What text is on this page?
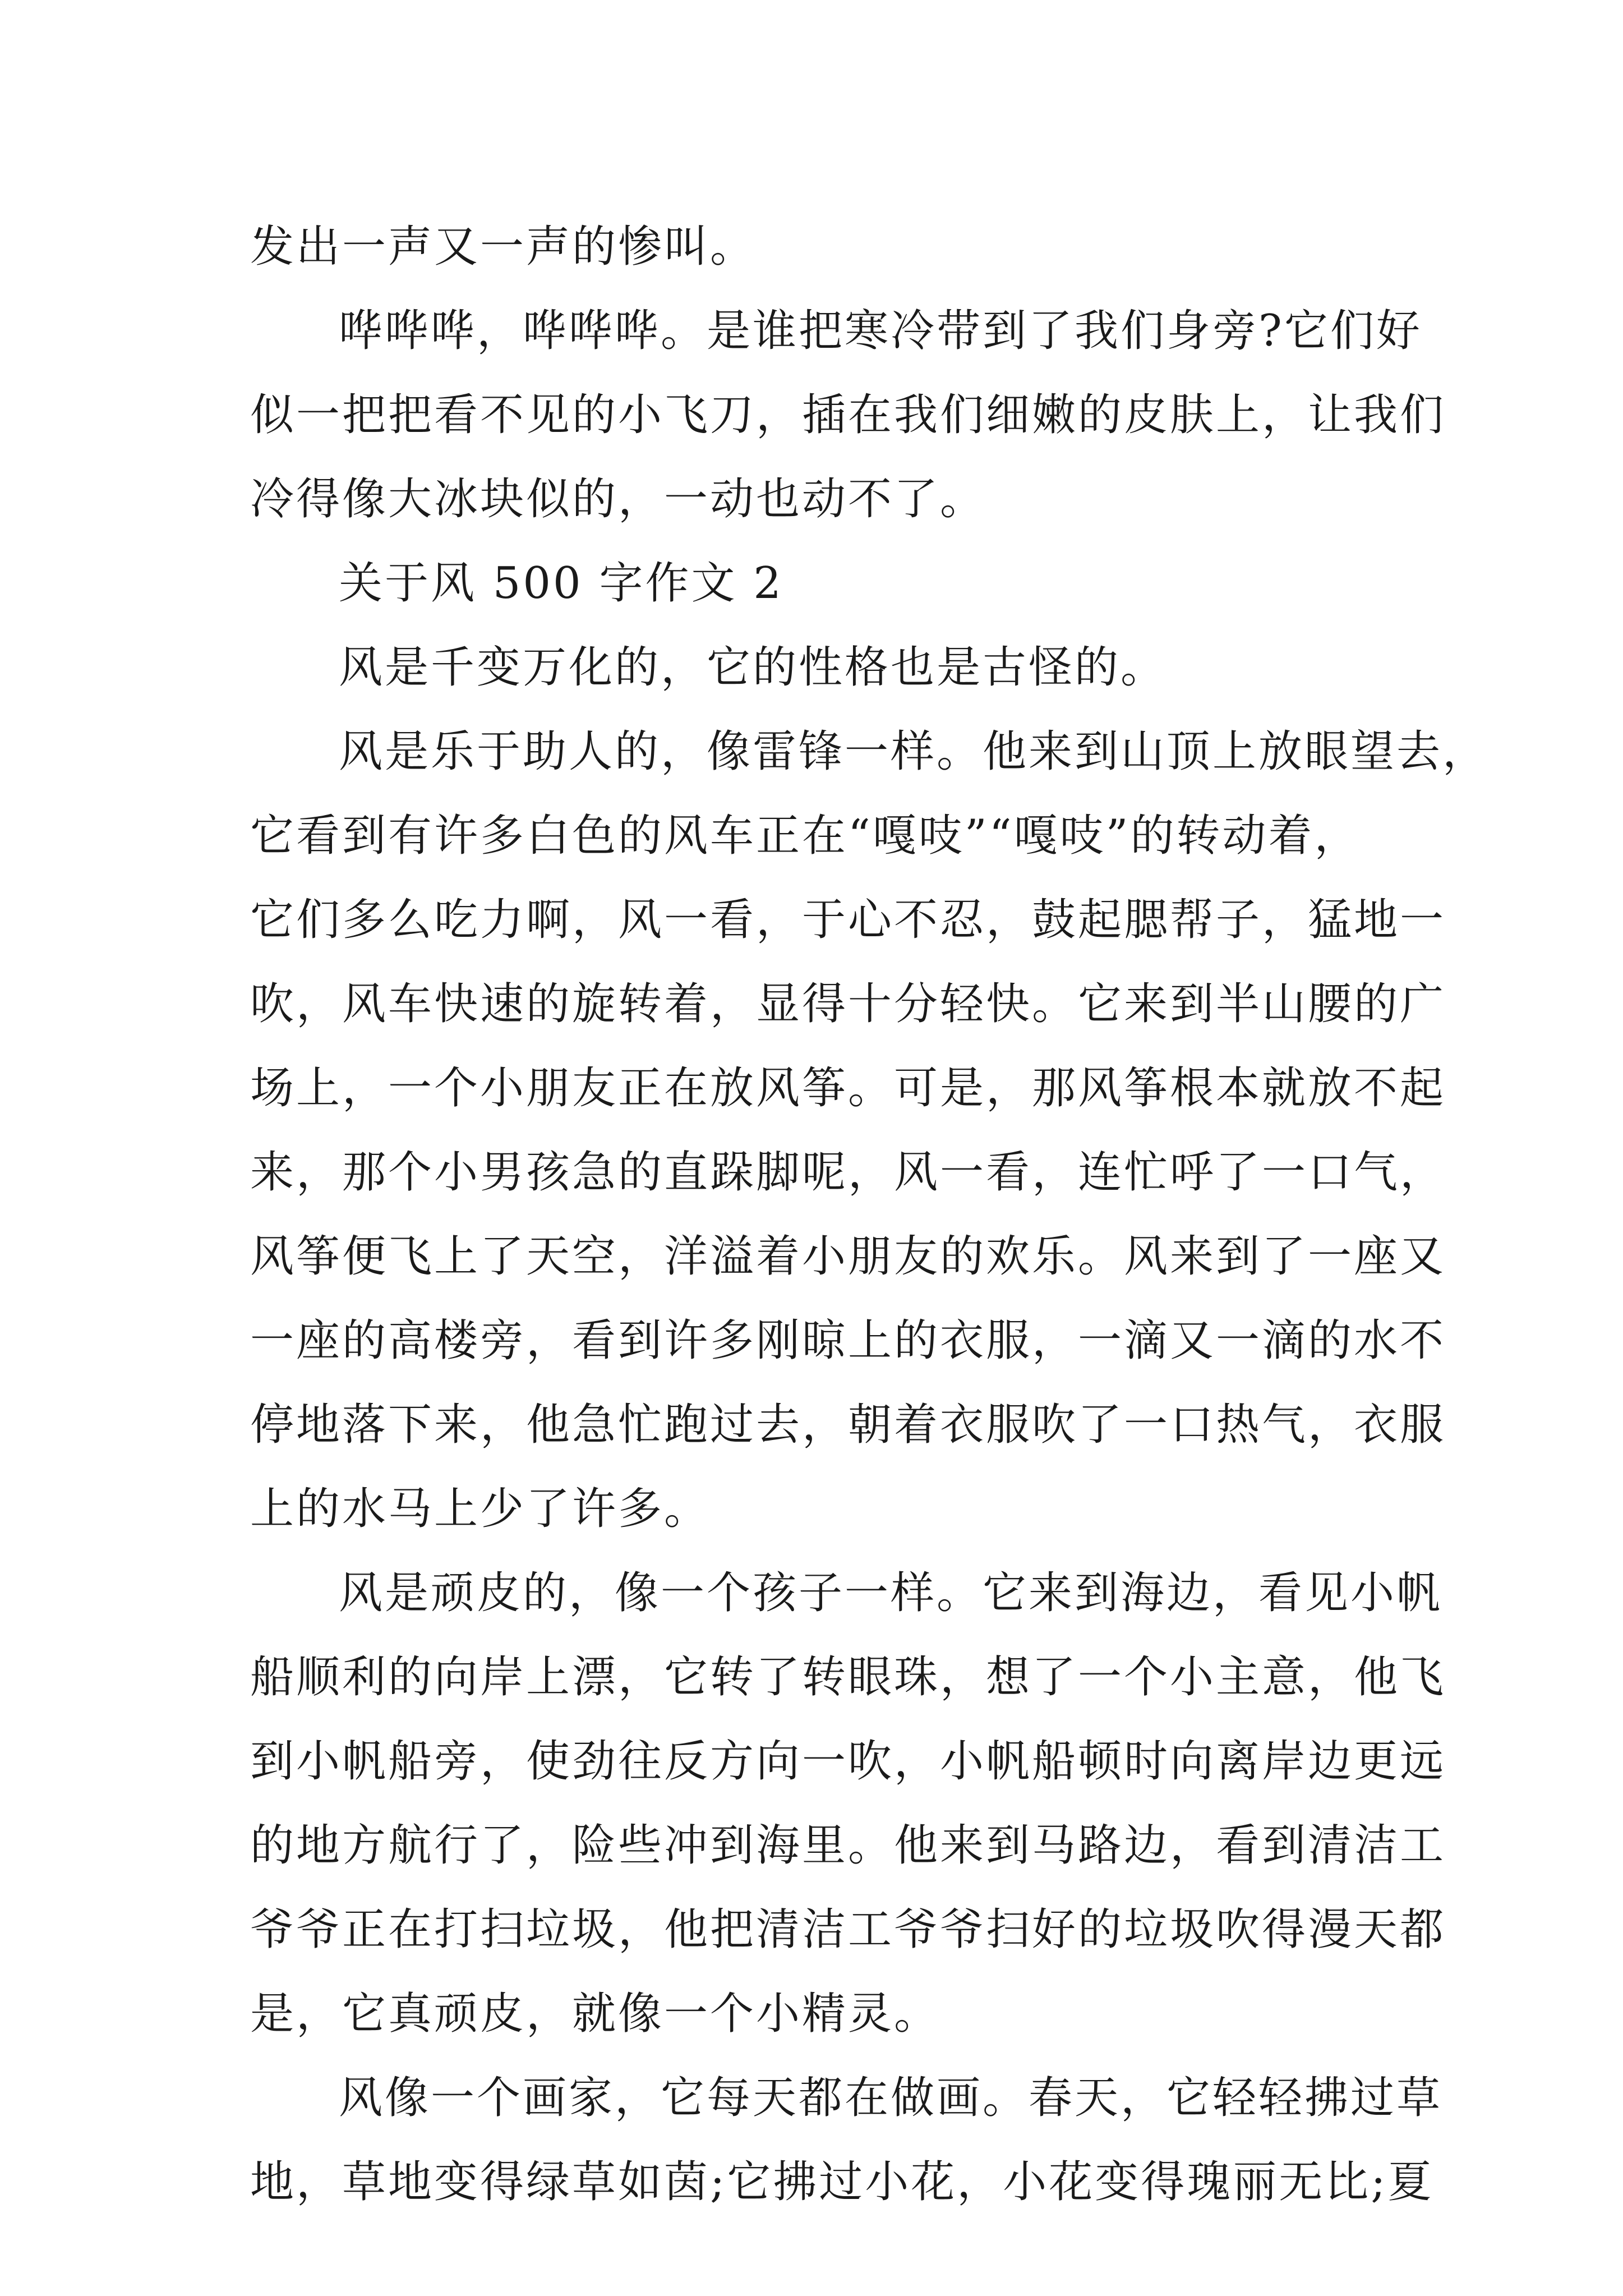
发出一声又一声的惨叫。
哗哗哗，哗哗哗。是谁把寒冷带到了我们身旁?它们好
似一把把看不见的小飞刀，插在我们细嫩的皮肤上，让我们
冷得像大冰块似的，一动也动不了。
关于风 500 字作文 2
风是千变万化的，它的性格也是古怪的。
风是乐于助人的，像雷锋一样。他来到山顶上放眼望去，
它看到有许多白色的风车正在“嘎吱”“嘎吱”的转动着，
它们多么吃力啊，风一看，于心不忍，鼓起腮帮子，猛地一
吹，风车快速的旋转着，显得十分轻快。它来到半山腰的广
场上，一个小朋友正在放风筝。可是，那风筝根本就放不起
来，那个小男孩急的直跺脚呢，风一看，连忙呼了一口气，
风筝便飞上了天空，洋溢着小朋友的欢乐。风来到了一座又
一座的高楼旁，看到许多刚晾上的衣服，一滴又一滴的水不
停地落下来，他急忙跑过去，朝着衣服吹了一口热气，衣服
上的水马上少了许多。
风是顽皮的，像一个孩子一样。它来到海边，看见小帆
船顺利的向岸上漂，它转了转眼珠，想了一个小主意，他飞
到小帆船旁，使劲往反方向一吹，小帆船顿时向离岸边更远
的地方航行了，险些冲到海里。他来到马路边，看到清洁工
爷爷正在打扫垃圾，他把清洁工爷爷扫好的垃圾吹得漫天都
是，它真顽皮，就像一个小精灵。
风像一个画家，它每天都在做画。春天，它轻轻拂过草
地，草地变得绿草如茵;它拂过小花，小花变得瑰丽无比;夏
